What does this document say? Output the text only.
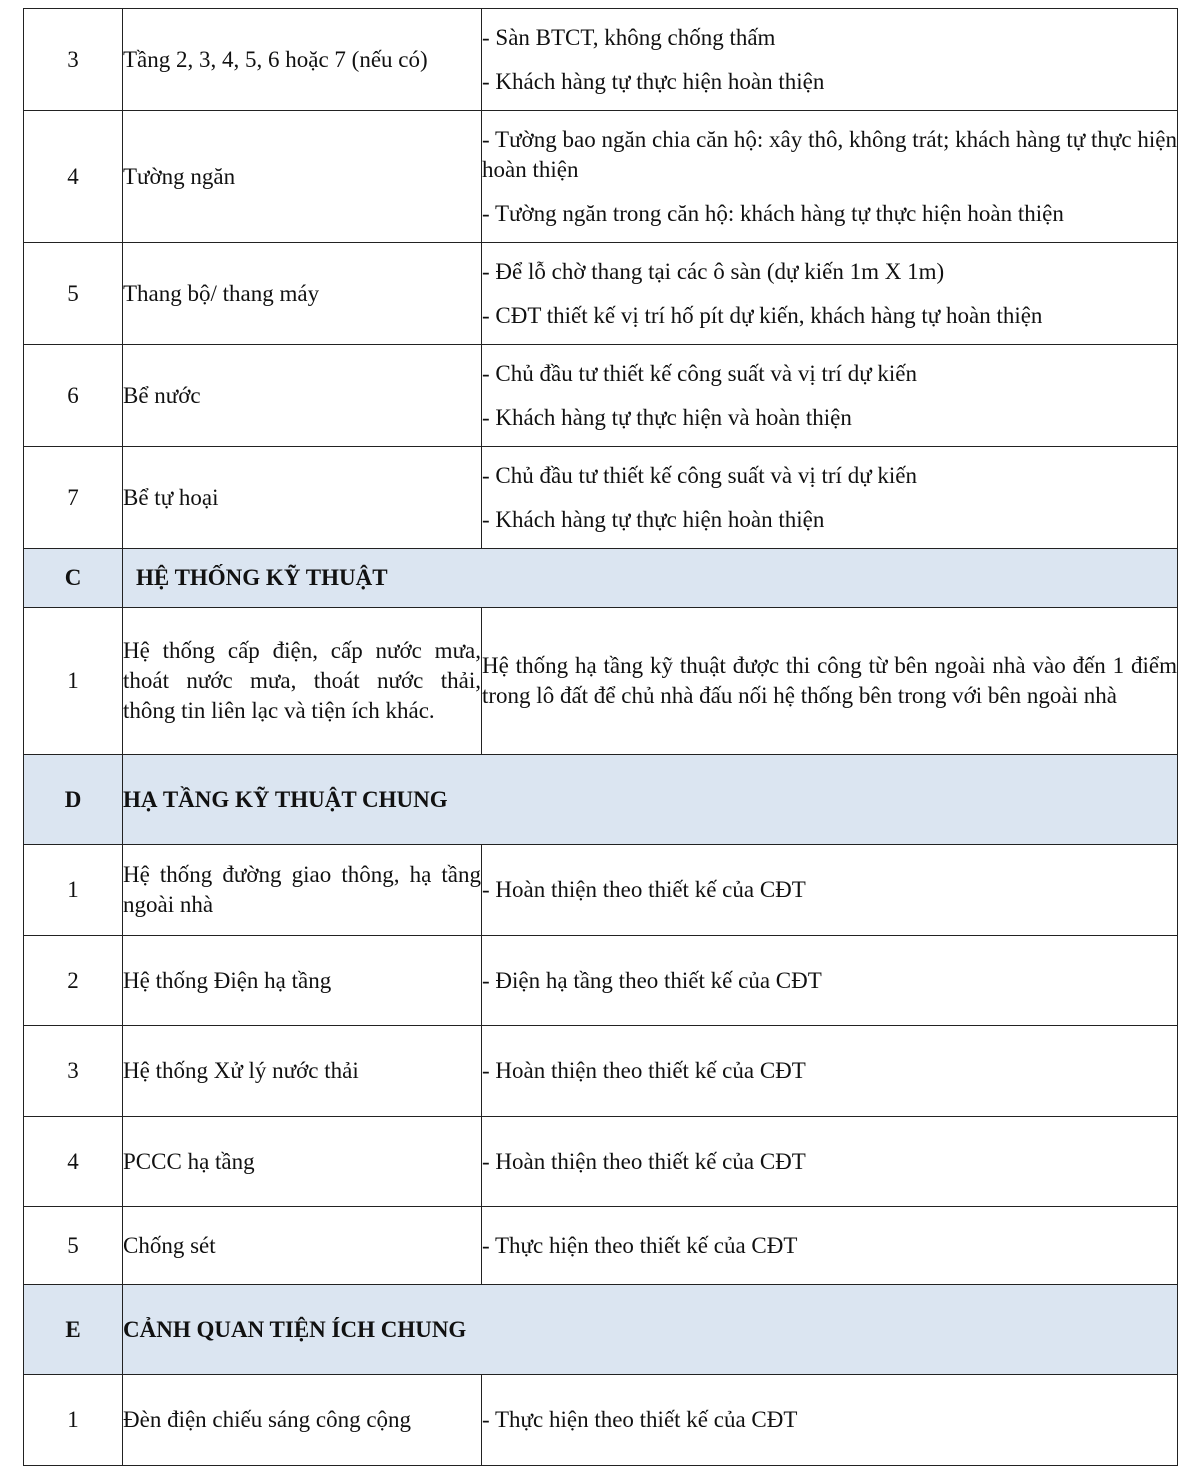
3	Tầng 2, 3, 4, 5, 6 hoặc 7 (nếu có)	- Sàn BTCT, không chống thấm
- Khách hàng tự thực hiện hoàn thiện

4	Tường ngăn	- Tường bao ngăn chia căn hộ: xây thô, không trát; khách hàng tự thực hiện hoàn thiện
- Tường ngăn trong căn hộ: khách hàng tự thực hiện hoàn thiện

5	Thang bộ/ thang máy	- Để lỗ chờ thang tại các ô sàn (dự kiến 1m X 1m)
- CĐT thiết kế vị trí hố pít dự kiến, khách hàng tự hoàn thiện

6	Bể nước	- Chủ đầu tư thiết kế công suất và vị trí dự kiến
- Khách hàng tự thực hiện và hoàn thiện

7	Bể tự hoại	- Chủ đầu tư thiết kế công suất và vị trí dự kiến
- Khách hàng tự thực hiện hoàn thiện

C	HỆ THỐNG KỸ THUẬT	
1	Hệ thống cấp điện, cấp nước mưa, thoát nước mưa, thoát nước thải, thông tin liên lạc và tiện ích khác.	Hệ thống hạ tầng kỹ thuật được thi công từ bên ngoài nhà vào đến 1 điểm trong lô đất để chủ nhà đấu nối hệ thống bên trong với bên ngoài nhà

D	HẠ TẦNG KỸ THUẬT CHUNG	
1	Hệ thống đường giao thông, hạ tầng ngoài nhà	- Hoàn thiện theo thiết kế của CĐT
2	Hệ thống Điện hạ tầng	- Điện hạ tầng theo thiết kế của CĐT
3	Hệ thống Xử lý nước thải	- Hoàn thiện theo thiết kế của CĐT
4	PCCC hạ tầng	- Hoàn thiện theo thiết kế của CĐT
5	Chống sét	- Thực hiện theo thiết kế của CĐT
E	CẢNH QUAN TIỆN ÍCH CHUNG	
1	Đèn điện chiếu sáng công cộng	- Thực hiện theo thiết kế của CĐT
